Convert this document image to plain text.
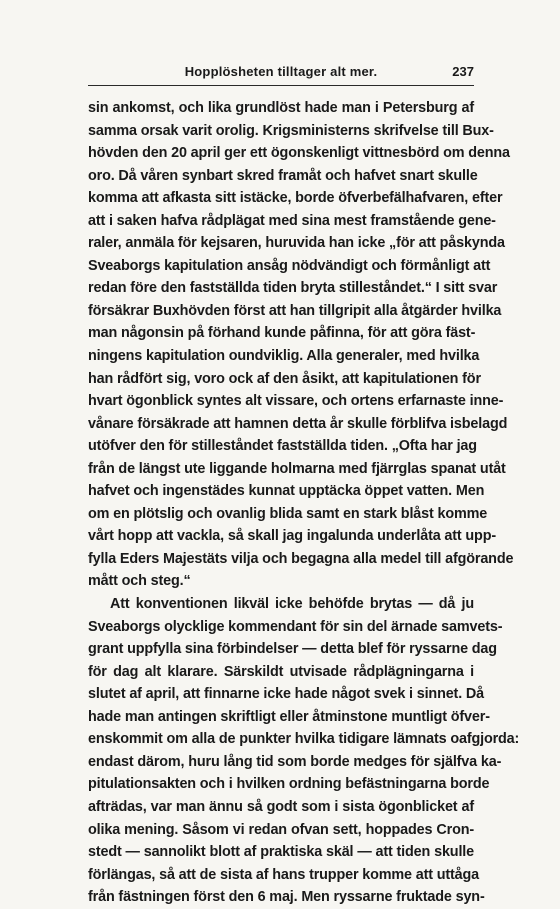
Hopplösheten tilltager alt mer.	237
sin ankomst, och lika grundlöst hade man i Petersburg af
samma orsak varit orolig. Krigsministerns skrifvelse till Bux-
hövden den 20 april ger ett ögonskenligt vittnesbörd om denna
oro. Då våren synbart skred framåt och hafvet snart skulle
komma att afkasta sitt istäcke, borde öfverbefälhafvaren, efter
att i saken hafva rådplägat med sina mest framstående gene-
raler, anmäla för kejsaren, huruvida han icke „för att påskynda
Sveaborgs kapitulation ansåg nödvändigt och förmånligt att
redan före den fastställda tiden bryta stilleståndet.“ I sitt svar
försäkrar Buxhövden först att han tillgripit alla åtgärder hvilka
man någonsin på förhand kunde påfinna, för att göra fäst-
ningens kapitulation oundviklig. Alla generaler, med hvilka
han rådfört sig, voro ock af den åsikt, att kapitulationen för
hvart ögonblick syntes alt vissare, och ortens erfarnaste inne-
vånare försäkrade att hamnen detta år skulle förblifva isbelagd
utöfver den för stilleståndet fastställda tiden. „Ofta har jag
från de längst ute liggande holmarna med fjärrglas spanat utåt
hafvet och ingenstädes kunnat upptäcka öppet vatten. Men
om en plötslig och ovanlig blida samt en stark blåst komme
vårt hopp att vackla, så skall jag ingalunda underlåta att upp-
fylla Eders Majestäts vilja och begagna alla medel till afgörande
mått och steg.“
Att konventionen likväl icke behöfde brytas — då ju
Sveaborgs olycklige kommendant för sin del ärnade samvets-
grant uppfylla sina förbindelser — detta blef för ryssarne dag
för dag alt klarare. Särskildt utvisade rådplägningarna i
slutet af april, att finnarne icke hade något svek i sinnet. Då
hade man antingen skriftligt eller åtminstone muntligt öfver-
enskommit om alla de punkter hvilka tidigare lämnats oafgjorda:
endast därom, huru lång tid som borde medges för själfva ka-
pitulationsakten och i hvilken ordning befästningarna borde
afträdas, var man ännu så godt som i sista ögonblicket af
olika mening. Såsom vi redan ofvan sett, hoppades Cron-
stedt — sannolikt blott af praktiska skäl — att tiden skulle
förlängas, så att de sista af hans trupper komme att uttåga
från fästningen först den 6 maj. Men ryssarne fruktade syn-
